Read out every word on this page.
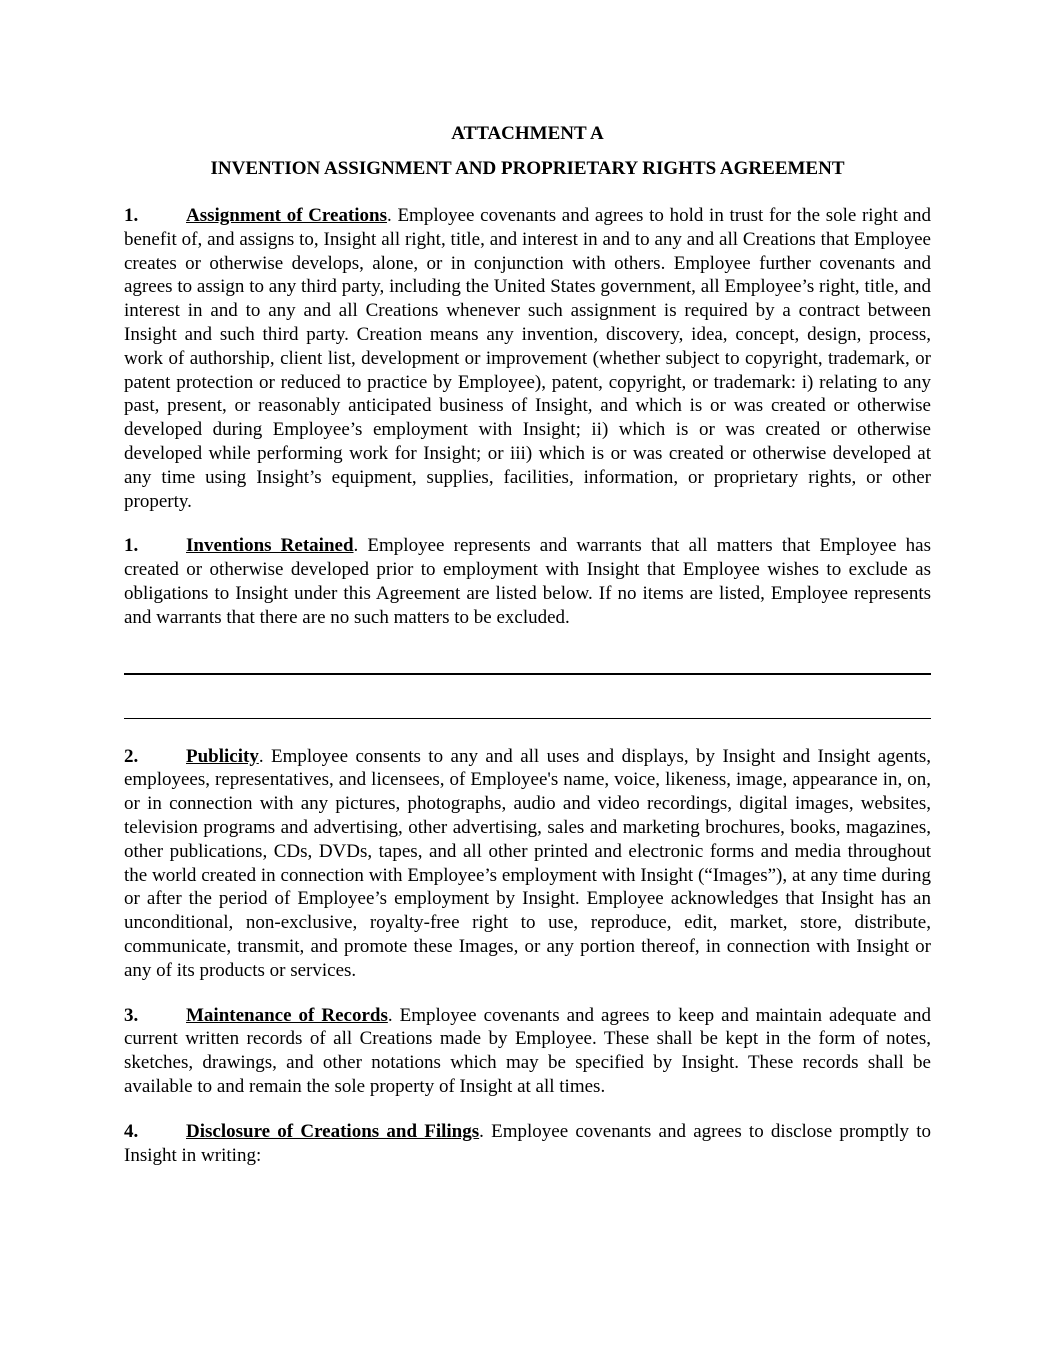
ATTACHMENT A

INVENTION ASSIGNMENT AND PROPRIETARY RIGHTS AGREEMENT

1.	Assignment of Creations. Employee covenants and agrees to hold in trust for the sole right and benefit of, and assigns to, Insight all right, title, and interest in and to any and all Creations that Employee creates or otherwise develops, alone, or in conjunction with others. Employee further covenants and agrees to assign to any third party, including the United States government, all Employee’s right, title, and interest in and to any and all Creations whenever such assignment is required by a contract between Insight and such third party. Creation means any invention, discovery, idea, concept, design, process, work of authorship, client list, development or improvement (whether subject to copyright, trademark, or patent protection or reduced to practice by Employee), patent, copyright, or trademark: i) relating to any past, present, or reasonably anticipated business of Insight, and which is or was created or otherwise developed during Employee’s employment with Insight; ii) which is or was created or otherwise developed while performing work for Insight; or iii) which is or was created or otherwise developed at any time using Insight’s equipment, supplies, facilities, information, or proprietary rights, or other property.

1.	Inventions Retained. Employee represents and warrants that all matters that Employee has created or otherwise developed prior to employment with Insight that Employee wishes to exclude as obligations to Insight under this Agreement are listed below. If no items are listed, Employee represents and warrants that there are no such matters to be excluded.

2.	Publicity. Employee consents to any and all uses and displays, by Insight and Insight agents, employees, representatives, and licensees, of Employee's name, voice, likeness, image, appearance in, on, or in connection with any pictures, photographs, audio and video recordings, digital images, websites, television programs and advertising, other advertising, sales and marketing brochures, books, magazines, other publications, CDs, DVDs, tapes, and all other printed and electronic forms and media throughout the world created in connection with Employee’s employment with Insight (“Images”), at any time during or after the period of Employee’s employment by Insight. Employee acknowledges that Insight has an unconditional, non-exclusive, royalty-free right to use, reproduce, edit, market, store, distribute, communicate, transmit, and promote these Images, or any portion thereof, in connection with Insight or any of its products or services.

3.	Maintenance of Records. Employee covenants and agrees to keep and maintain adequate and current written records of all Creations made by Employee. These shall be kept in the form of notes, sketches, drawings, and other notations which may be specified by Insight. These records shall be available to and remain the sole property of Insight at all times.

4.	Disclosure of Creations and Filings. Employee covenants and agrees to disclose promptly to Insight in writing:
